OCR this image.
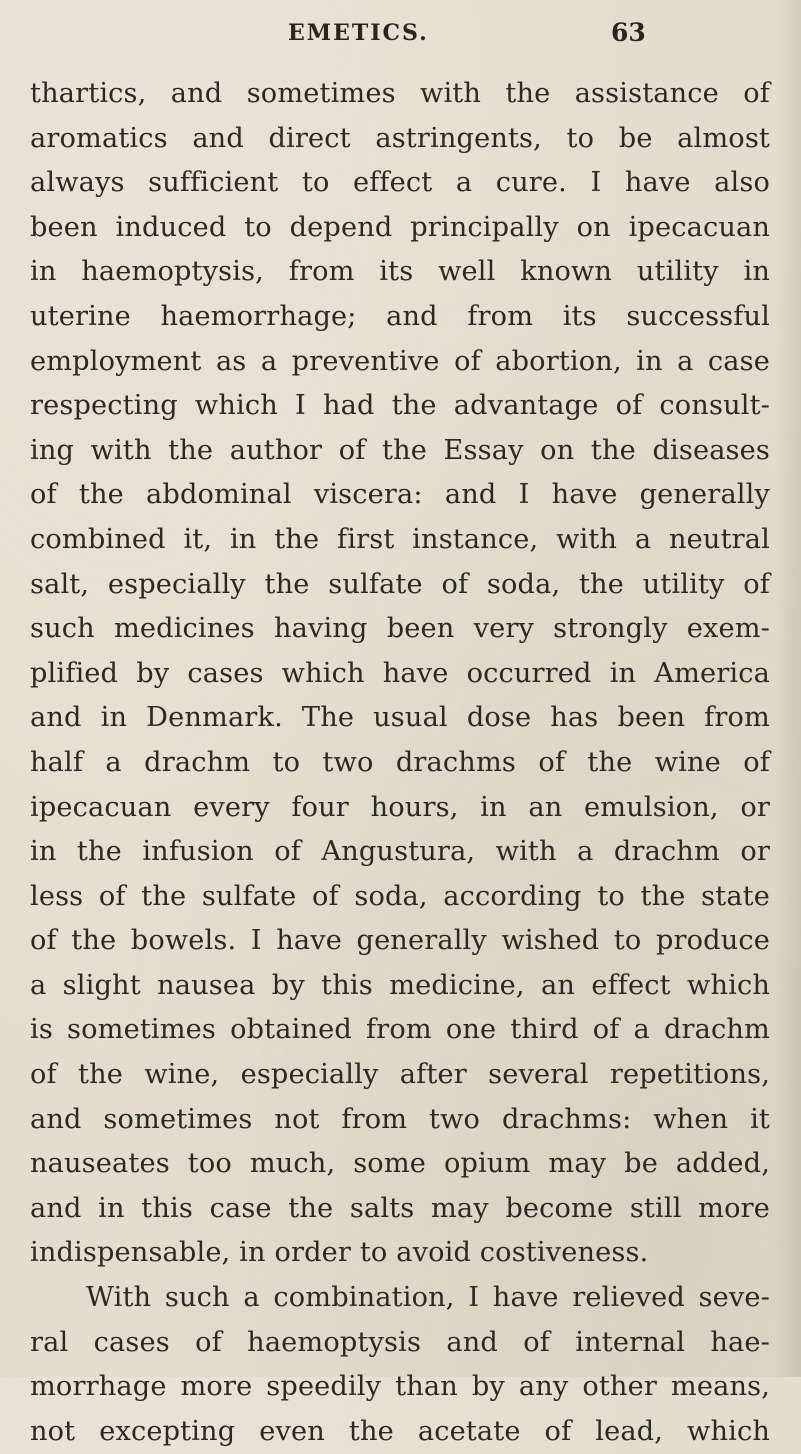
EMETICS.	63
thartics, and sometimes with the assistance of
aromatics and direct astringents, to be almost
always sufficient to effect a cure. I have also
been induced to depend principally on ipecacuan
in haemoptysis, from its well known utility in
uterine haemorrhage; and from its successful
employment as a preventive of abortion, in a case
respecting which I had the advantage of consult-
ing with the author of the Essay on the diseases
of the abdominal viscera: and I have generally
combined it, in the first instance, with a neutral
salt, especially the sulfate of soda, the utility of
such medicines having been very strongly exem-
plified by cases which have occurred in America
and in Denmark. The usual dose has been from
half a drachm to two drachms of the wine of
ipecacuan every four hours, in an emulsion, or
in the infusion of Angustura, with a drachm or
less of the sulfate of soda, according to the state
of the bowels. I have generally wished to produce
a slight nausea by this medicine, an effect which
is sometimes obtained from one third of a drachm
of the wine, especially after several repetitions,
and sometimes not from two drachms: when it
nauseates too much, some opium may be added,
and in this case the salts may become still more
indispensable, in order to avoid costiveness.
With such a combination, I have relieved seve-
ral cases of haemoptysis and of internal hae-
morrhage more speedily than by any other means,
not excepting even the acetate of lead, which
